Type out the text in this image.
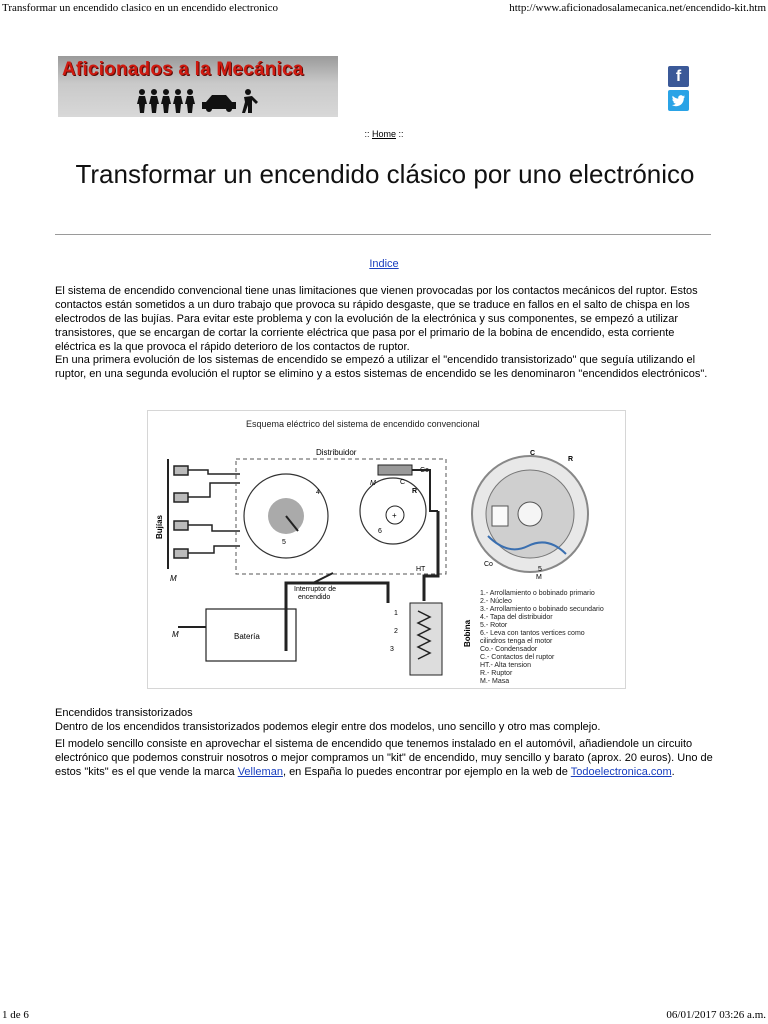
Transformar un encendido clasico en un encendido electronico	http://www.aficionadosalamecanica.net/encendido-kit.htm
Aficionados a la Mecánica	f
:: Home ::
Transformar un encendido clásico por uno electrónico
Indice

El sistema de encendido convencional tiene unas limitaciones que vienen provocadas por los contactos mecánicos del ruptor. Estos contactos están sometidos a un duro trabajo que provoca su rápido desgaste, que se traduce en fallos en el salto de chispa en los electrodos de las bujías. Para evitar este problema y con la evolución de la electrónica y sus componentes, se empezó a utilizar transistores, que se encargan de cortar la corriente eléctrica que pasa por el primario de la bobina de encendido, esta corriente eléctrica es la que provoca el rápido deterioro de los contactos de ruptor.

En una primera evolución de los sistemas de encendido se empezó a utilizar el "encendido transistorizado" que seguía utilizando el ruptor, en una segunda evolución el ruptor se elimino y a estos sistemas de encendido se les denominaron "encendidos electrónicos".

Esquema eléctrico del sistema de encendido convencional
Bujías
M
Distribuidor
4
5
+
6
R
C
M
Co
HT
1
2
3
Bobina
Interruptor de
encendido
Batería
M
C
R
Co
M
5
1.- Arrollamiento o bobinado primario
2.- Núcleo
3.- Arrollamiento o bobinado secundario
4.- Tapa del distribuidor
5.- Rotor
6.- Leva con tantos vertices como
cilindros tenga el motor
Co.- Condensador
C.- Contactos del ruptor
HT.- Alta tension
R.- Ruptor
M.- Masa

Encendidos transistorizados

Dentro de los encendidos transistorizados podemos elegir entre dos modelos, uno sencillo y otro mas complejo.

El modelo sencillo consiste en aprovechar el sistema de encendido que tenemos instalado en el automóvil, añadiendole un circuito electrónico que podemos construir nosotros o mejor compramos un "kit" de encendido, muy sencillo y barato (aprox. 20 euros). Uno de estos "kits" es el que vende la marca Velleman, en España lo puedes encontrar por ejemplo en la web de Todoelectronica.com.

1 de 6	06/01/2017 03:26 a.m.
